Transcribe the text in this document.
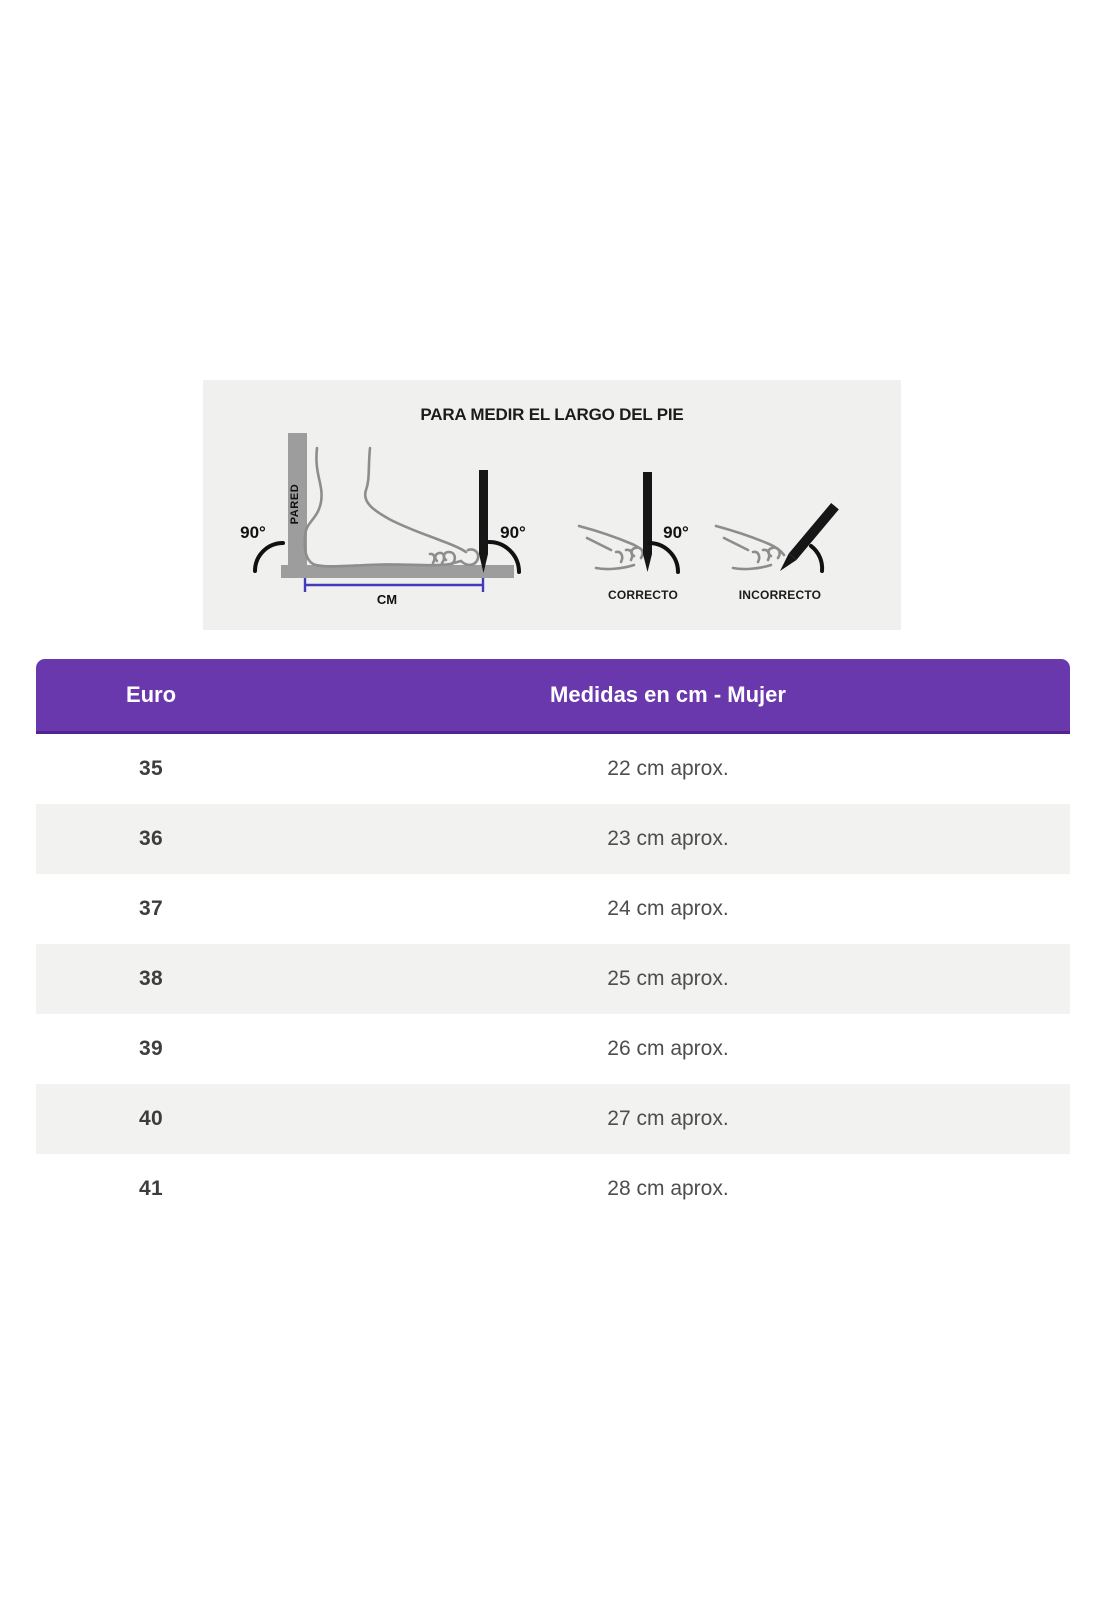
PARA MEDIR EL LARGO DEL PIE
PARED
90°	90°
CM
90°
CORRECTO	INCORRECTO
Euro	Medidas en cm - Mujer
35	22 cm aprox.
36	23 cm aprox.
37	24 cm aprox.
38	25 cm aprox.
39	26 cm aprox.
40	27 cm aprox.
41	28 cm aprox.
